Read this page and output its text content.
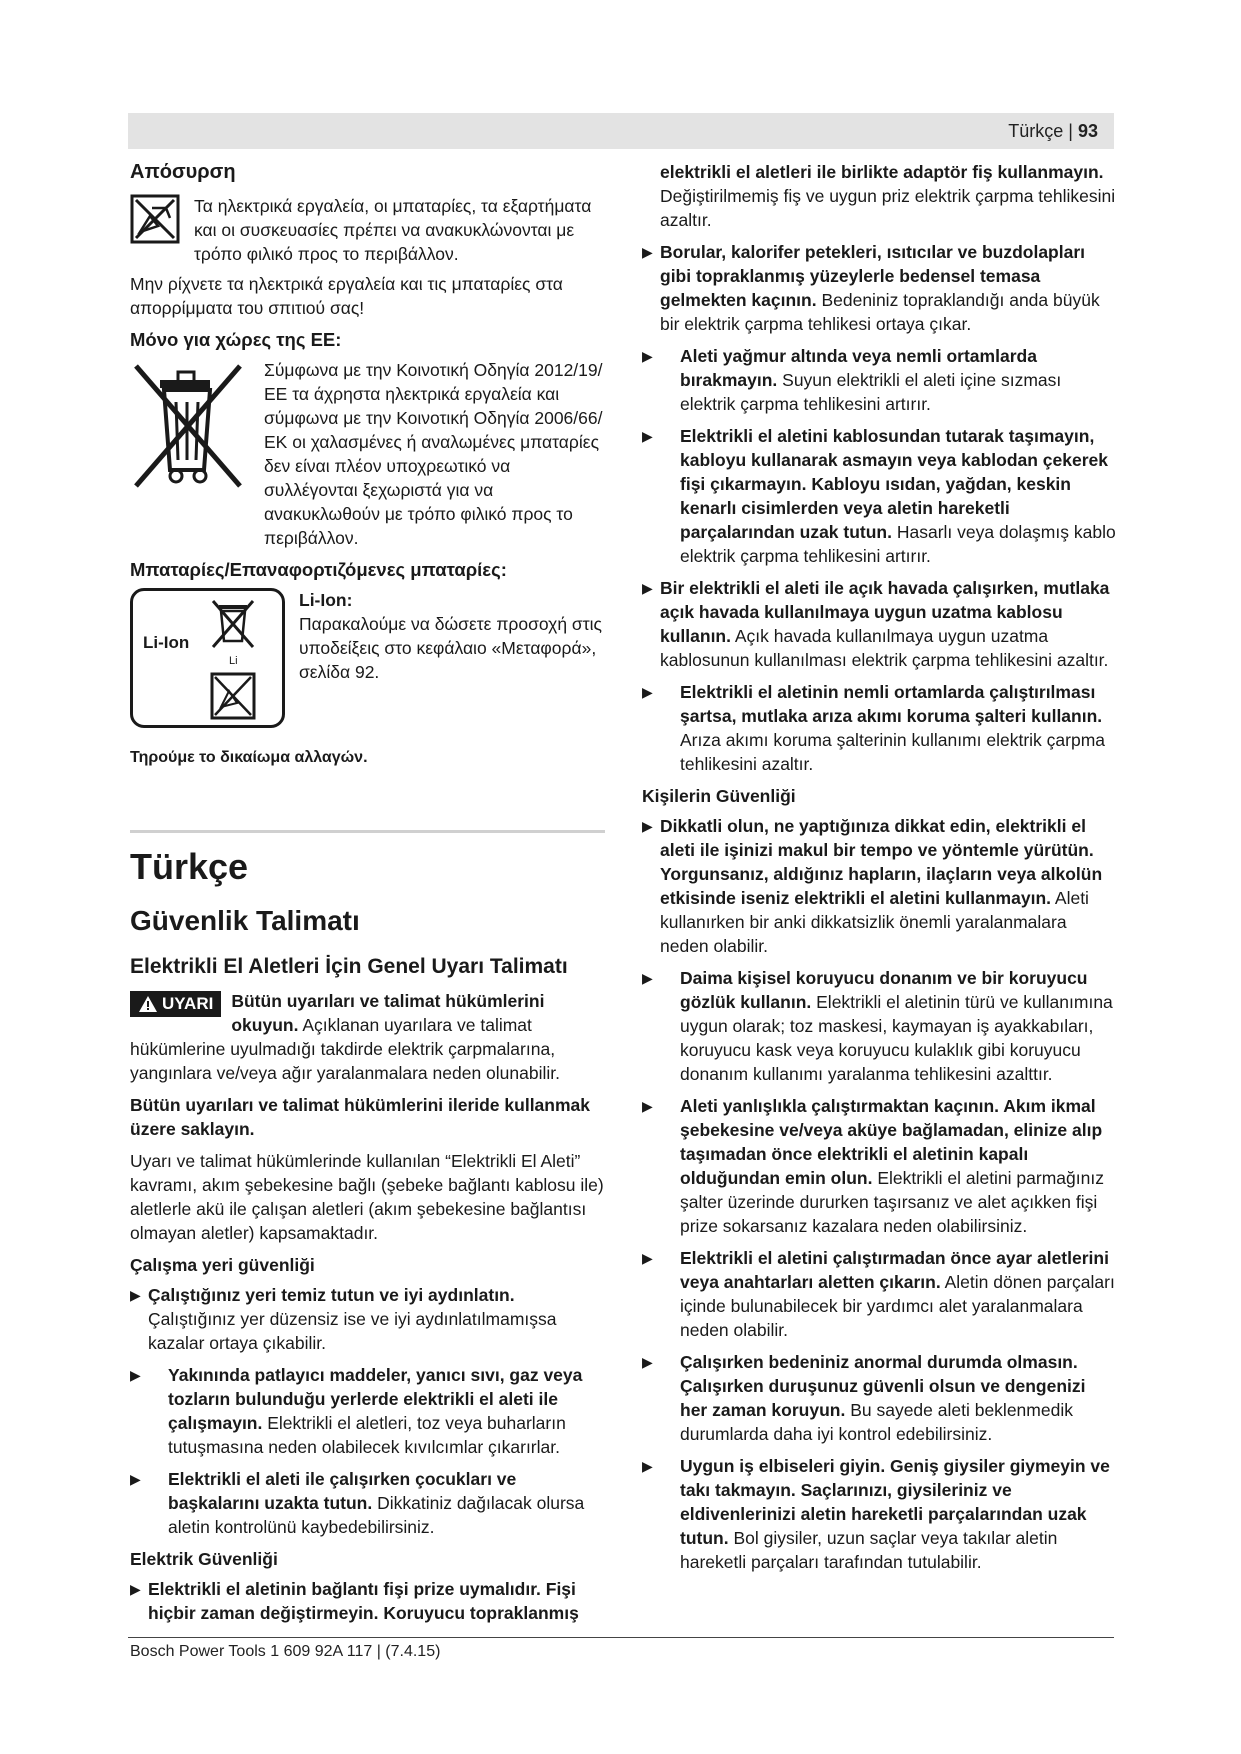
Türkçe | 93
Απόσυρση
Τα ηλεκτρικά εργαλεία, οι μπαταρίες, τα εξαρτήματα και οι συσκευασίες πρέπει να ανακυκλώνονται με τρόπο φιλικό προς το περιβάλλον.

Μην ρίχνετε τα ηλεκτρικά εργαλεία και τις μπαταρίες στα απορρίμματα του σπιτιού σας!

Μόνο για χώρες της ΕΕ:
Σύμφωνα με την Κοινοτική Οδηγία 2012/19/ΕΕ τα άχρηστα ηλεκτρικά εργαλεία και σύμφωνα με την Κοινοτική Οδηγία 2006/66/ΕΚ οι χαλασμένες ή αναλωμένες μπαταρίες δεν είναι πλέον υποχρεωτικό να συλλέγονται ξεχωριστά για να ανακυκλωθούν με τρόπο φιλικό προς το περιβάλλον.
Μπαταρίες/Επαναφορτιζόμενες μπαταρίες:
Li-Ion
Li
Li-Ion:
Παρακαλούμε να δώσετε προσοχή στις υποδείξεις στο κεφάλαιο «Μεταφορά», σελίδα 92.
Τηρούμε το δικαίωμα αλλαγών.
Türkçe
Güvenlik Talimatı
Elektrikli El Aletleri İçin Genel Uyarı Talimatı
UYARI Bütün uyarıları ve talimat hükümlerini okuyun. Açıklanan uyarılara ve talimat hükümlerine uyulmadığı takdirde elektrik çarpmalarına, yangınlara ve/veya ağır yaralanmalara neden olunabilir.

Bütün uyarıları ve talimat hükümlerini ileride kullanmak üzere saklayın.

Uyarı ve talimat hükümlerinde kullanılan “Elektrikli El Aleti” kavramı, akım şebekesine bağlı (şebeke bağlantı kablosu ile) aletlerle akü ile çalışan aletleri (akım şebekesine bağlantısı olmayan aletler) kapsamaktadır.

Çalışma yeri güvenliği
▶ Çalıştığınız yeri temiz tutun ve iyi aydınlatın. Çalıştığınız yer düzensiz ise ve iyi aydınlatılmamışsa kazalar ortaya çıkabilir.
▶	Yakınında patlayıcı maddeler, yanıcı sıvı, gaz veya tozların bulunduğu yerlerde elektrikli el aleti ile çalışmayın. Elektrikli el aletleri, toz veya buharların tutuşmasına neden olabilecek kıvılcımlar çıkarırlar.
▶	Elektrikli el aleti ile çalışırken çocukları ve başkalarını uzakta tutun. Dikkatiniz dağılacak olursa aletin kontrolünü kaybedebilirsiniz.
Elektrik Güvenliği
▶ Elektrikli el aletinin bağlantı fişi prize uymalıdır. Fişi hiçbir zaman değiştirmeyin. Koruyucu topraklanmış
elektrikli el aletleri ile birlikte adaptör fiş kullanmayın. Değiştirilmemiş fiş ve uygun priz elektrik çarpma tehlikesini azaltır.
▶ Borular, kalorifer petekleri, ısıtıcılar ve buzdolapları gibi topraklanmış yüzeylerle bedensel temasa gelmekten kaçının. Bedeniniz topraklandığı anda büyük bir elektrik çarpma tehlikesi ortaya çıkar.
▶	Aleti yağmur altında veya nemli ortamlarda bırakmayın. Suyun elektrikli el aleti içine sızması elektrik çarpma tehlikesini artırır.
▶	Elektrikli el aletini kablosundan tutarak taşımayın, kabloyu kullanarak asmayın veya kablodan çekerek fişi çıkarmayın. Kabloyu ısıdan, yağdan, keskin kenarlı cisimlerden veya aletin hareketli parçalarından uzak tutun. Hasarlı veya dolaşmış kablo elektrik çarpma tehlikesini artırır.
▶ Bir elektrikli el aleti ile açık havada çalışırken, mutlaka açık havada kullanılmaya uygun uzatma kablosu kullanın. Açık havada kullanılmaya uygun uzatma kablosunun kullanılması elektrik çarpma tehlikesini azaltır.
▶	Elektrikli el aletinin nemli ortamlarda çalıştırılması şartsa, mutlaka arıza akımı koruma şalteri kullanın. Arıza akımı koruma şalterinin kullanımı elektrik çarpma tehlikesini azaltır.
Kişilerin Güvenliği
▶ Dikkatli olun, ne yaptığınıza dikkat edin, elektrikli el aleti ile işinizi makul bir tempo ve yöntemle yürütün. Yorgunsanız, aldığınız hapların, ilaçların veya alkolün etkisinde iseniz elektrikli el aletini kullanmayın. Aleti kullanırken bir anki dikkatsizlik önemli yaralanmalara neden olabilir.
▶	Daima kişisel koruyucu donanım ve bir koruyucu gözlük kullanın. Elektrikli el aletinin türü ve kullanımına uygun olarak; toz maskesi, kaymayan iş ayakkabıları, koruyucu kask veya koruyucu kulaklık gibi koruyucu donanım kullanımı yaralanma tehlikesini azalttır.
▶	Aleti yanlışlıkla çalıştırmaktan kaçının. Akım ikmal şebekesine ve/veya aküye bağlamadan, elinize alıp taşımadan önce elektrikli el aletinin kapalı olduğundan emin olun. Elektrikli el aletini parmağınız şalter üzerinde dururken taşırsanız ve alet açıkken fişi prize sokarsanız kazalara neden olabilirsiniz.
▶	Elektrikli el aletini çalıştırmadan önce ayar aletlerini veya anahtarları aletten çıkarın. Aletin dönen parçaları içinde bulunabilecek bir yardımcı alet yaralanmalara neden olabilir.
▶	Çalışırken bedeniniz anormal durumda olmasın. Çalışırken duruşunuz güvenli olsun ve dengenizi her zaman koruyun. Bu sayede aleti beklenmedik durumlarda daha iyi kontrol edebilirsiniz.
▶	Uygun iş elbiseleri giyin. Geniş giysiler giymeyin ve takı takmayın. Saçlarınızı, giysileriniz ve eldivenlerinizi aletin hareketli parçalarından uzak tutun. Bol giysiler, uzun saçlar veya takılar aletin hareketli parçaları tarafından tutulabilir.
Bosch Power Tools 1 609 92A 117 | (7.4.15)
